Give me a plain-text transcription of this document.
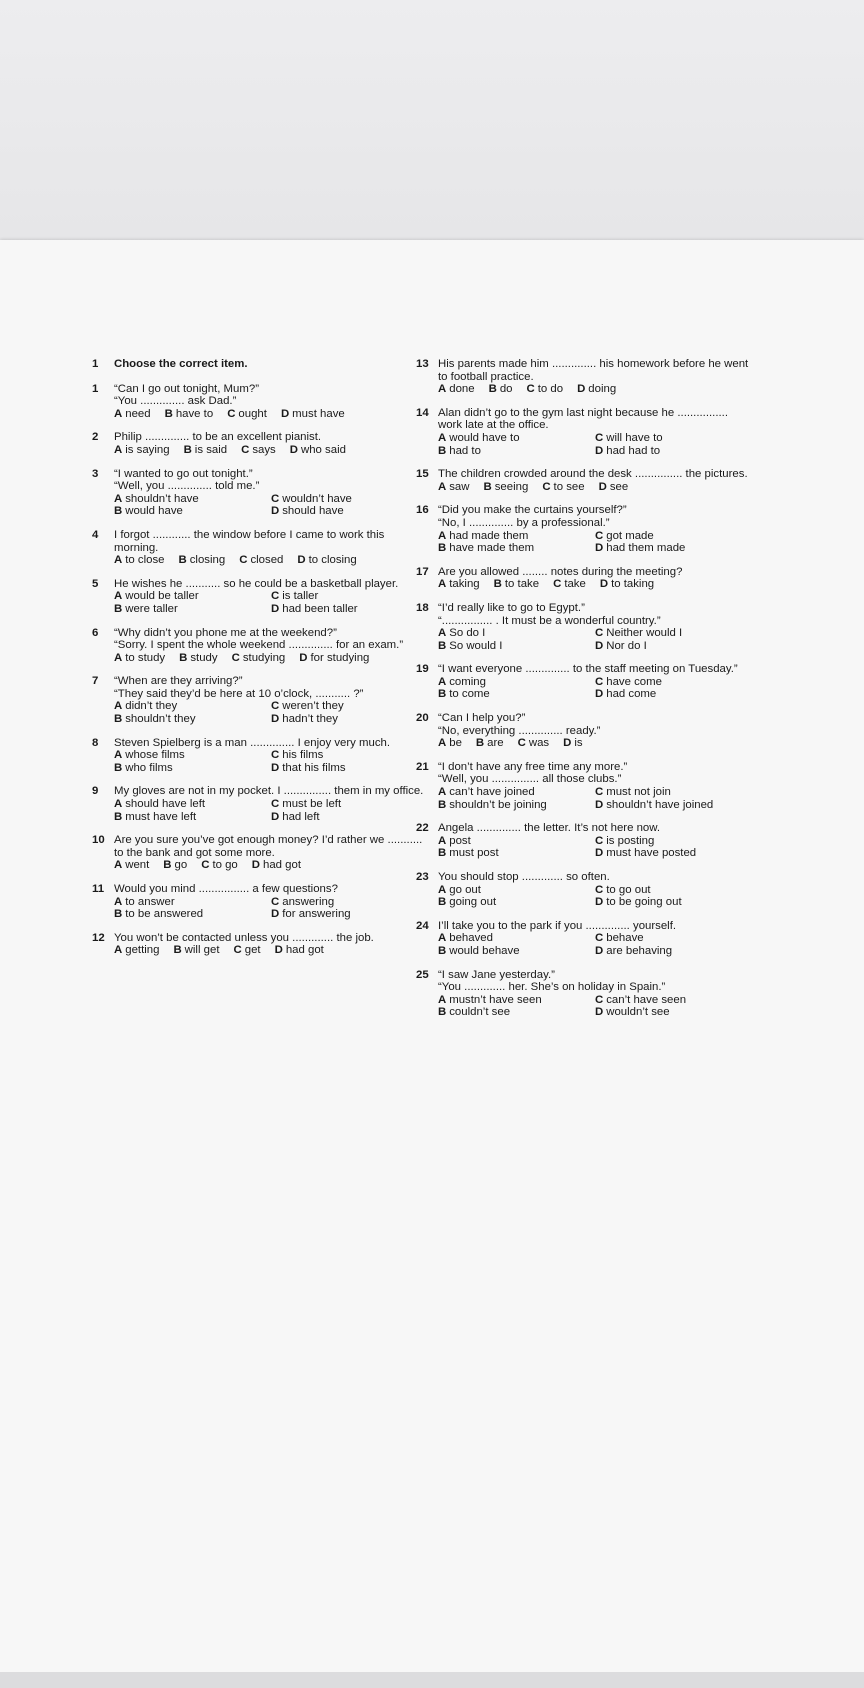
1	Choose the correct item.
1	“Can I go out tonight, Mum?”
“You .............. ask Dad.”
A need B have to C ought D must have
2	Philip .............. to be an excellent pianist.
A is saying B is said C says D who said
3	“I wanted to go out tonight.”
“Well, you .............. told me.”
A shouldn’t have	C wouldn’t have
B would have	D should have
4	I forgot ............ the window before I came to work this morning.
A to close B closing C closed D to closing
5	He wishes he ........... so he could be a basketball player.
A would be taller	C is taller
B were taller	D had been taller
6	“Why didn’t you phone me at the weekend?”
“Sorry. I spent the whole weekend .............. for an exam.”
A to study B study C studying D for studying
7	“When are they arriving?”
“They said they’d be here at 10 o’clock, ........... ?”
A didn’t they	C weren’t they
B shouldn’t they	D hadn’t they
8	Steven Spielberg is a man .............. I enjoy very much.
A whose films	C his films
B who films	D that his films
9	My gloves are not in my pocket. I ............... them in my office.
A should have left	C must be left
B must have left	D had left
10 Are you sure you’ve got enough money? I’d rather we ........... to the bank and got some more.
A went B go C to go D had got
11 Would you mind ................ a few questions?
A to answer	C answering
B to be answered	D for answering
12 You won’t be contacted unless you ............. the job.
A getting B will get C get D had got
13 His parents made him .............. his homework before he went to football practice.
A done B do C to do D doing
14 Alan didn’t go to the gym last night because he ................ work late at the office.
A would have to	C will have to
B had to	D had had to
15 The children crowded around the desk ............... the pictures.
A saw B seeing C to see D see
16 “Did you make the curtains yourself?”
“No, I .............. by a professional.”
A had made them	C got made
B have made them	D had them made
17 Are you allowed ........ notes during the meeting?
A taking B to take C take D to taking
18 “I’d really like to go to Egypt.”
“................ . It must be a wonderful country.”
A So do I	C Neither would I
B So would I	D Nor do I
19 “I want everyone .............. to the staff meeting on Tuesday.”
A coming	C have come
B to come	D had come
20 “Can I help you?”
“No, everything .............. ready.”
A be B are C was D is
21 “I don’t have any free time any more.”
“Well, you ............... all those clubs.”
A can’t have joined	C must not join
B shouldn’t be joining	D shouldn’t have joined
22 Angela .............. the letter. It’s not here now.
A post	C is posting
B must post	D must have posted
23 You should stop ............. so often.
A go out	C to go out
B going out	D to be going out
24 I’ll take you to the park if you .............. yourself.
A behaved	C behave
B would behave	D are behaving
25 “I saw Jane yesterday.”
“You ............. her. She’s on holiday in Spain.”
A mustn’t have seen	C can’t have seen
B couldn’t see	D wouldn’t see
